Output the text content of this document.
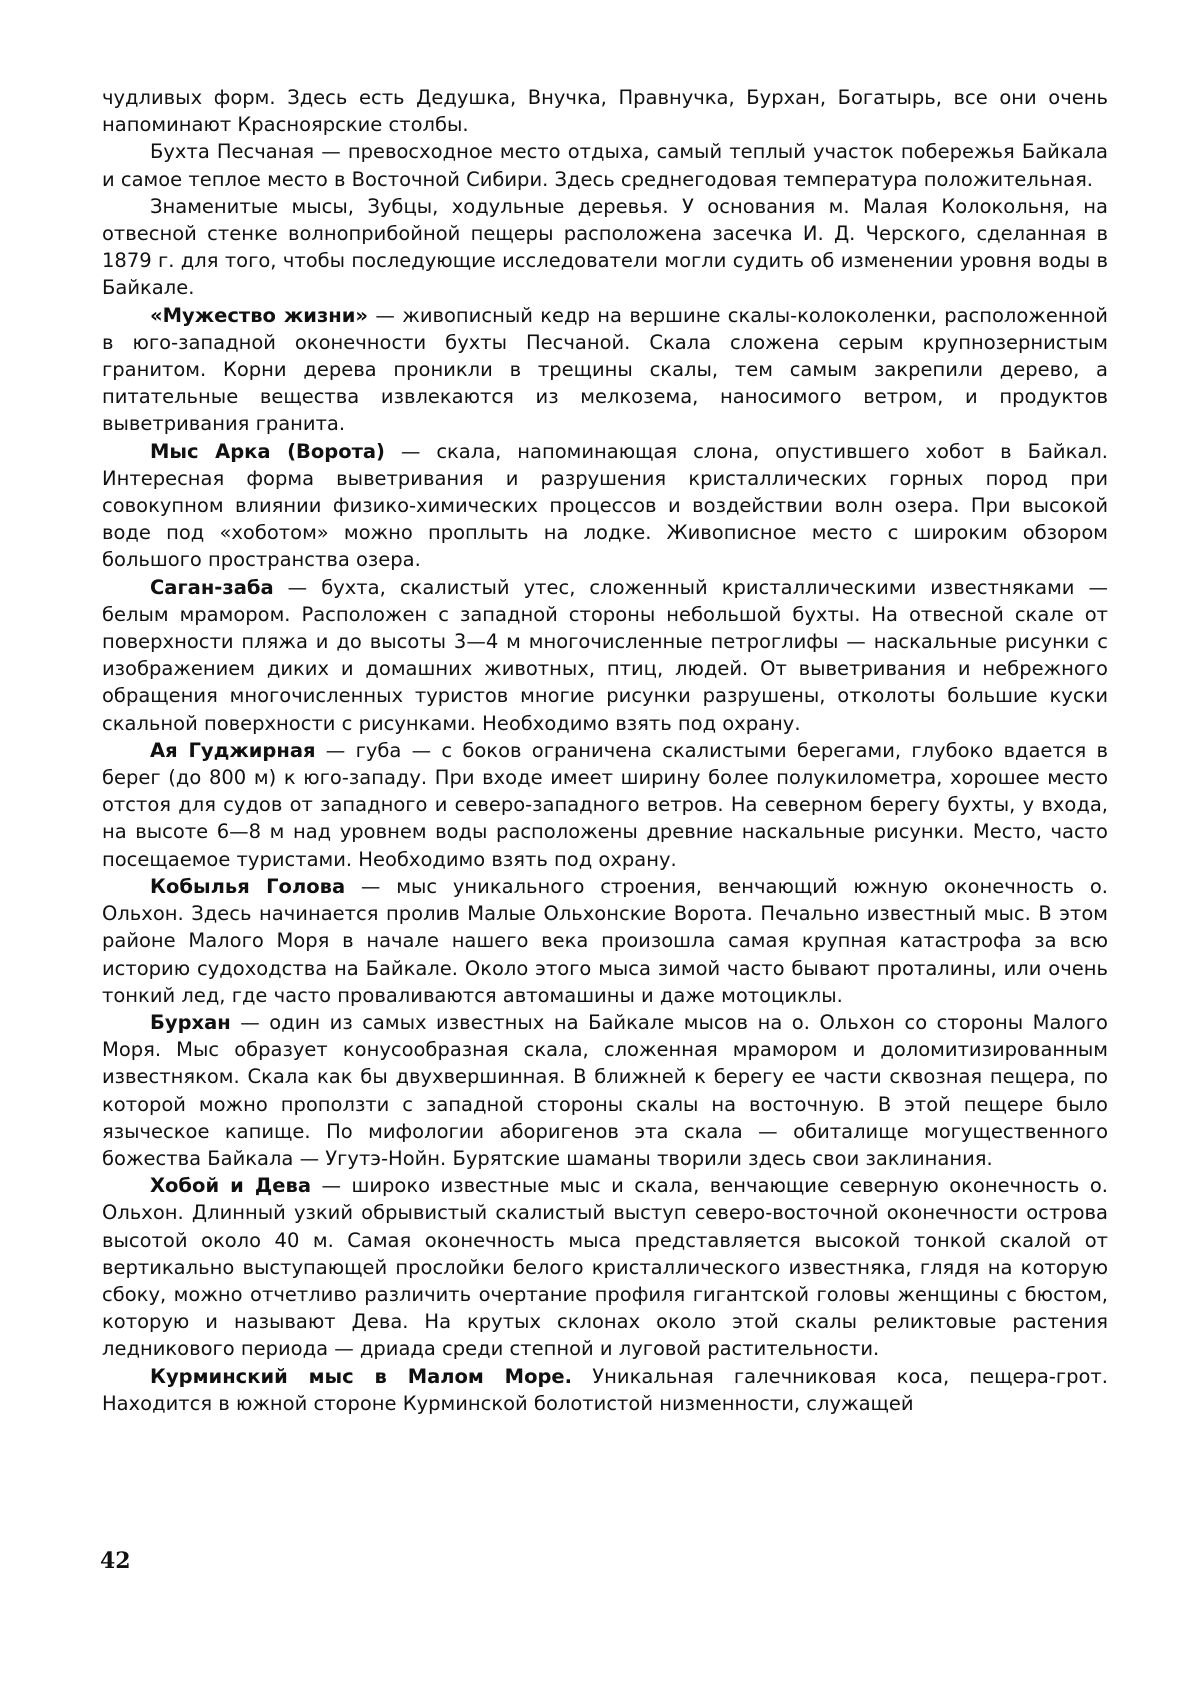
чудливых форм. Здесь есть Дедушка, Внучка, Правнучка, Бурхан, Богатырь, все они очень напоминают Красноярские столбы.

Бухта Песчаная — превосходное место отдыха, самый теплый участок побережья Байкала и самое теплое место в Восточной Сибири. Здесь среднегодовая температура положительная.

Знаменитые мысы, Зубцы, ходульные деревья. У основания м. Малая Колокольня, на отвесной стенке волноприбойной пещеры расположена засечка И. Д. Черского, сделанная в 1879 г. для того, чтобы последующие исследователи могли судить об изменении уровня воды в Байкале.

«Мужество жизни» — живописный кедр на вершине скалы-колоколенки, расположенной в юго-западной оконечности бухты Песчаной. Скала сложена серым крупнозернистым гранитом. Корни дерева проникли в трещины скалы, тем самым закрепили дерево, а питательные вещества извлекаются из мелкозема, наносимого ветром, и продуктов выветривания гранита.

Мыс Арка (Ворота) — скала, напоминающая слона, опустившего хобот в Байкал. Интересная форма выветривания и разрушения кристаллических горных пород при совокупном влиянии физико-химических процессов и воздействии волн озера. При высокой воде под «хоботом» можно проплыть на лодке. Живописное место с широким обзором большого пространства озера.

Саган-заба — бухта, скалистый утес, сложенный кристаллическими известняками — белым мрамором. Расположен с западной стороны небольшой бухты. На отвесной скале от поверхности пляжа и до высоты 3—4 м многочисленные петроглифы — наскальные рисунки с изображением диких и домашних животных, птиц, людей. От выветривания и небрежного обращения многочисленных туристов многие рисунки разрушены, отколоты большие куски скальной поверхности с рисунками. Необходимо взять под охрану.

Ая Гуджирная — губа — с боков ограничена скалистыми берегами, глубоко вдается в берег (до 800 м) к юго-западу. При входе имеет ширину более полукилометра, хорошее место отстоя для судов от западного и северо-западного ветров. На северном берегу бухты, у входа, на высоте 6—8 м над уровнем воды расположены древние наскальные рисунки. Место, часто посещаемое туристами. Необходимо взять под охрану.

Кобылья Голова — мыс уникального строения, венчающий южную оконечность о. Ольхон. Здесь начинается пролив Малые Ольхонские Ворота. Печально известный мыс. В этом районе Малого Моря в начале нашего века произошла самая крупная катастрофа за всю историю судоходства на Байкале. Около этого мыса зимой часто бывают проталины, или очень тонкий лед, где часто проваливаются автомашины и даже мотоциклы.

Бурхан — один из самых известных на Байкале мысов на о. Ольхон со стороны Малого Моря. Мыс образует конусообразная скала, сложенная мрамором и доломитизированным известняком. Скала как бы двухвершинная. В ближней к берегу ее части сквозная пещера, по которой можно проползти с западной стороны скалы на восточную. В этой пещере было языческое капище. По мифологии аборигенов эта скала — обиталище могущественного божества Байкала — Угутэ-Нойн. Бурятские шаманы творили здесь свои заклинания.

Хобой и Дева — широко известные мыс и скала, венчающие северную оконечность о. Ольхон. Длинный узкий обрывистый скалистый выступ северо-восточной оконечности острова высотой около 40 м. Самая оконечность мыса представляется высокой тонкой скалой от вертикально выступающей прослойки белого кристаллического известняка, глядя на которую сбоку, можно отчетливо различить очертание профиля гигантской головы женщины с бюстом, которую и называют Дева. На крутых склонах около этой скалы реликтовые растения ледникового периода — дриада среди степной и луговой растительности.

Курминский мыс в Малом Море. Уникальная галечниковая коса, пещера-грот. Находится в южной стороне Курминской болотистой низменности, служащей

42
